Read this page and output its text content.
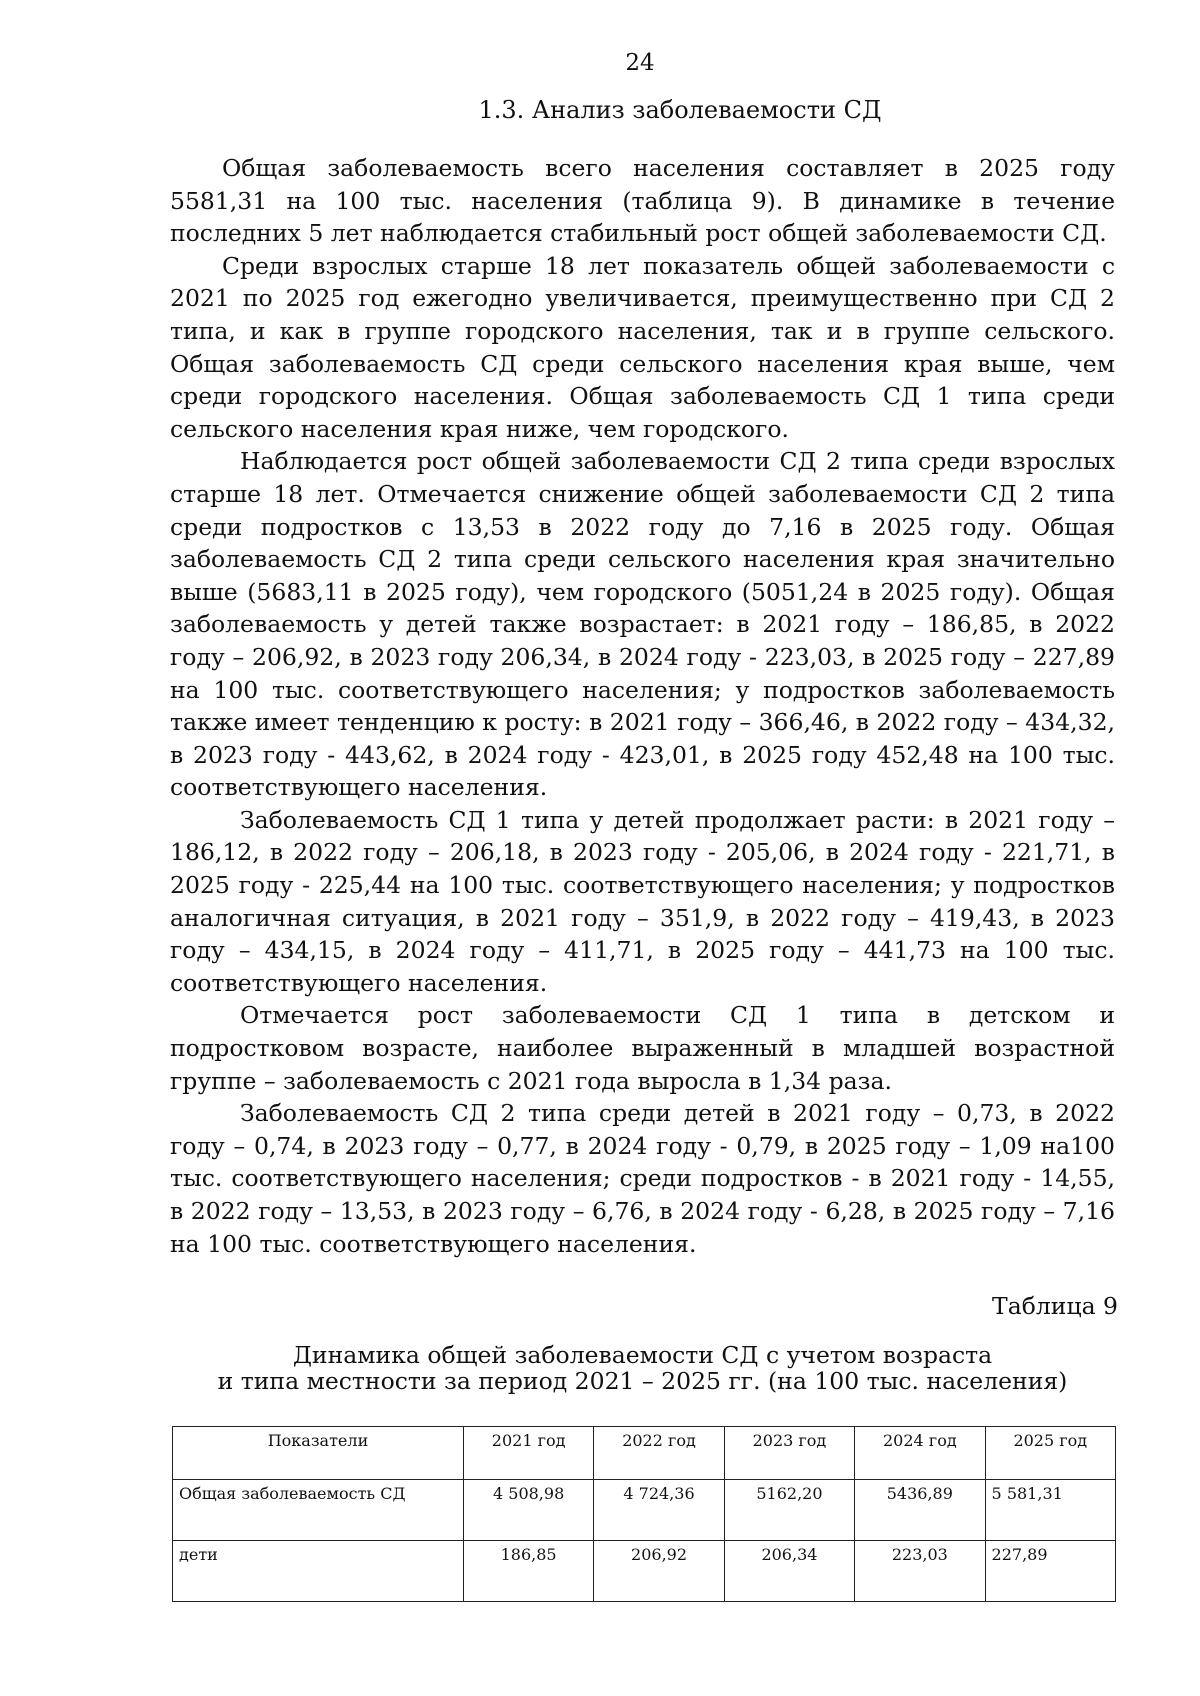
24
1.3. Анализ заболеваемости СД

Общая заболеваемость всего населения составляет в 2025 году 5581,31 на 100 тыс. населения (таблица 9). В динамике в течение последних 5 лет наблюдается стабильный рост общей заболеваемости СД.

Среди взрослых старше 18 лет показатель общей заболеваемости с 2021 по 2025 год ежегодно увеличивается, преимущественно при СД 2 типа, и как в группе городского населения, так и в группе сельского. Общая заболеваемость СД среди сельского населения края выше, чем среди городского населения. Общая заболеваемость СД 1 типа среди сельского населения края ниже, чем городского.

Наблюдается рост общей заболеваемости СД 2 типа среди взрослых старше 18 лет. Отмечается снижение общей заболеваемости СД 2 типа среди подростков с 13,53 в 2022 году до 7,16 в 2025 году. Общая заболеваемость СД 2 типа среди сельского населения края значительно выше (5683,11 в 2025 году), чем городского (5051,24 в 2025 году). Общая заболеваемость у детей также возрастает: в 2021 году – 186,85, в 2022 году – 206,92, в 2023 году 206,34, в 2024 году - 223,03, в 2025 году – 227,89 на 100 тыс. соответствующего населения; у подростков заболеваемость также имеет тенденцию к росту: в 2021 году – 366,46, в 2022 году – 434,32, в 2023 году - 443,62, в 2024 году - 423,01, в 2025 году 452,48 на 100 тыс. соответствующего населения.

Заболеваемость СД 1 типа у детей продолжает расти: в 2021 году – 186,12, в 2022 году – 206,18, в 2023 году - 205,06, в 2024 году - 221,71, в 2025 году - 225,44 на 100 тыс. соответствующего населения; у подростков аналогичная ситуация, в 2021 году – 351,9, в 2022 году – 419,43, в 2023 году – 434,15, в 2024 году – 411,71, в 2025 году – 441,73 на 100 тыс. соответствующего населения.

Отмечается рост заболеваемости СД 1 типа в детском и подростковом возрасте, наиболее выраженный в младшей возрастной группе – заболеваемость с 2021 года выросла в 1,34 раза.

Заболеваемость СД 2 типа среди детей в 2021 году – 0,73, в 2022 году – 0,74, в 2023 году – 0,77, в 2024 году - 0,79, в 2025 году – 1,09 на100 тыс. соответствующего населения; среди подростков - в 2021 году - 14,55, в 2022 году – 13,53, в 2023 году – 6,76, в 2024 году - 6,28, в 2025 году – 7,16 на 100 тыс. соответствующего населения.

Таблица 9
Динамика общей заболеваемости СД с учетом возраста
и типа местности за период 2021 – 2025 гг. (на 100 тыс. населения)
Показатели	2021 год	2022 год	2023 год	2024 год	2025 год
Общая заболеваемость СД	4 508,98	4 724,36	5162,20	5436,89	5 581,31
дети	186,85	206,92	206,34	223,03	227,89
